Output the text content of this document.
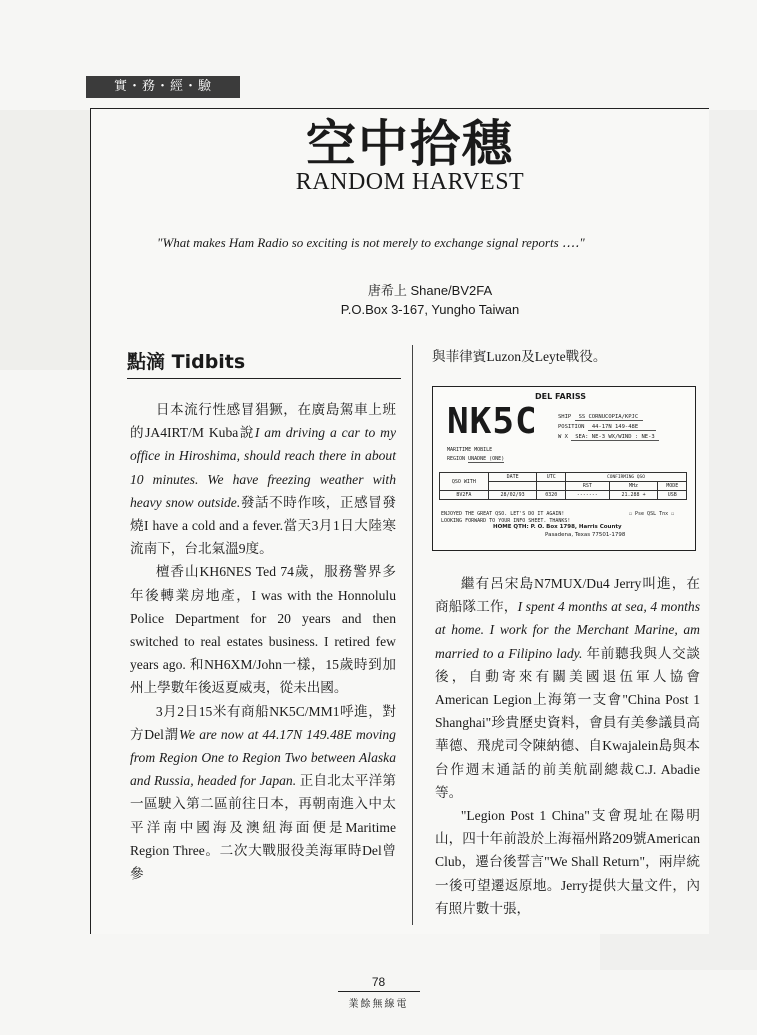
實・務・經・驗
空中拾穗
RANDOM HARVEST
"What makes Ham Radio so exciting is not merely to exchange signal reports ‥‥"
唐希上 Shane/BV2FA
P.O.Box 3-167, Yungho Taiwan
點滴 Tidbits

日本流行性感冒猖獗，在廣島駕車上班的JA4IRT/M Kuba說I am driving a car to my office in Hiroshima, should reach there in about 10 minutes. We have freezing weather with heavy snow outside.發話不時作咳，正感冒發燒I have a cold and a fever.當天3月1日大陸寒流南下，台北氣溫9度。

檀香山KH6NES Ted 74歲，服務警界多年後轉業房地產，I was with the Honnolulu Police Department for 20 years and then switched to real estates business. I retired few years ago. 和NH6XM/John一樣，15歲時到加州上學數年後返夏威夷，從未出國。

3月2日15米有商船NK5C/MM1呼進，對方Del謂We are now at 44.17N 149.48E moving from Region One to Region Two between Alaska and Russia, headed for Japan. 正自北太平洋第一區駛入第二區前往日本，再朝南進入中太平洋南中國海及澳紐海面便是Maritime Region Three。二次大戰服役美海軍時Del曾參

與菲律賓Luzon及Leyte戰役。

DEL FARISS
NK5C	SHIP SS CORNUCOPIA/KPJC
POSITION 44-17N 149-48E
W X SEA: NE-3 WX/WIND : NE-3
MARITIME MOBILE
REGION UNADNE (ONE)
QSO WITH	DATE	UTC	CONFIRMING QSO		
			RST	MHz	MODE
BV2FA	28/02/93	0320	-------	21.288 +	USB
ENJOYED THE GREAT QSO. LET'S DO IT AGAIN!
LOOKING FORWARD TO YOUR INFO SHEET. THANKS!
☐ Pse QSL Tnx ☐
HOME QTH: P. O. Box 1798, Harris County
Pasadena, Texas 77501-1798

繼有呂宋島N7MUX/Du4 Jerry叫進，在商船隊工作，I spent 4 months at sea, 4 months at home. I work for the Merchant Marine, am married to a Filipino lady. 年前聽我與人交談後，自動寄來有關美國退伍軍人協會American Legion上海第一支會"China Post 1 Shanghai"珍貴歷史資料，會員有美參議員高華德、飛虎司令陳納德、自Kwajalein島與本台作週末通話的前美航副總裁C.J. Abadie等。

"Legion Post 1 China"支會現址在陽明山，四十年前設於上海福州路209號American Club，遷台後誓言"We Shall Return"，兩岸統一後可望遷返原地。Jerry提供大量文件，內有照片數十張，

78
業餘無線電
